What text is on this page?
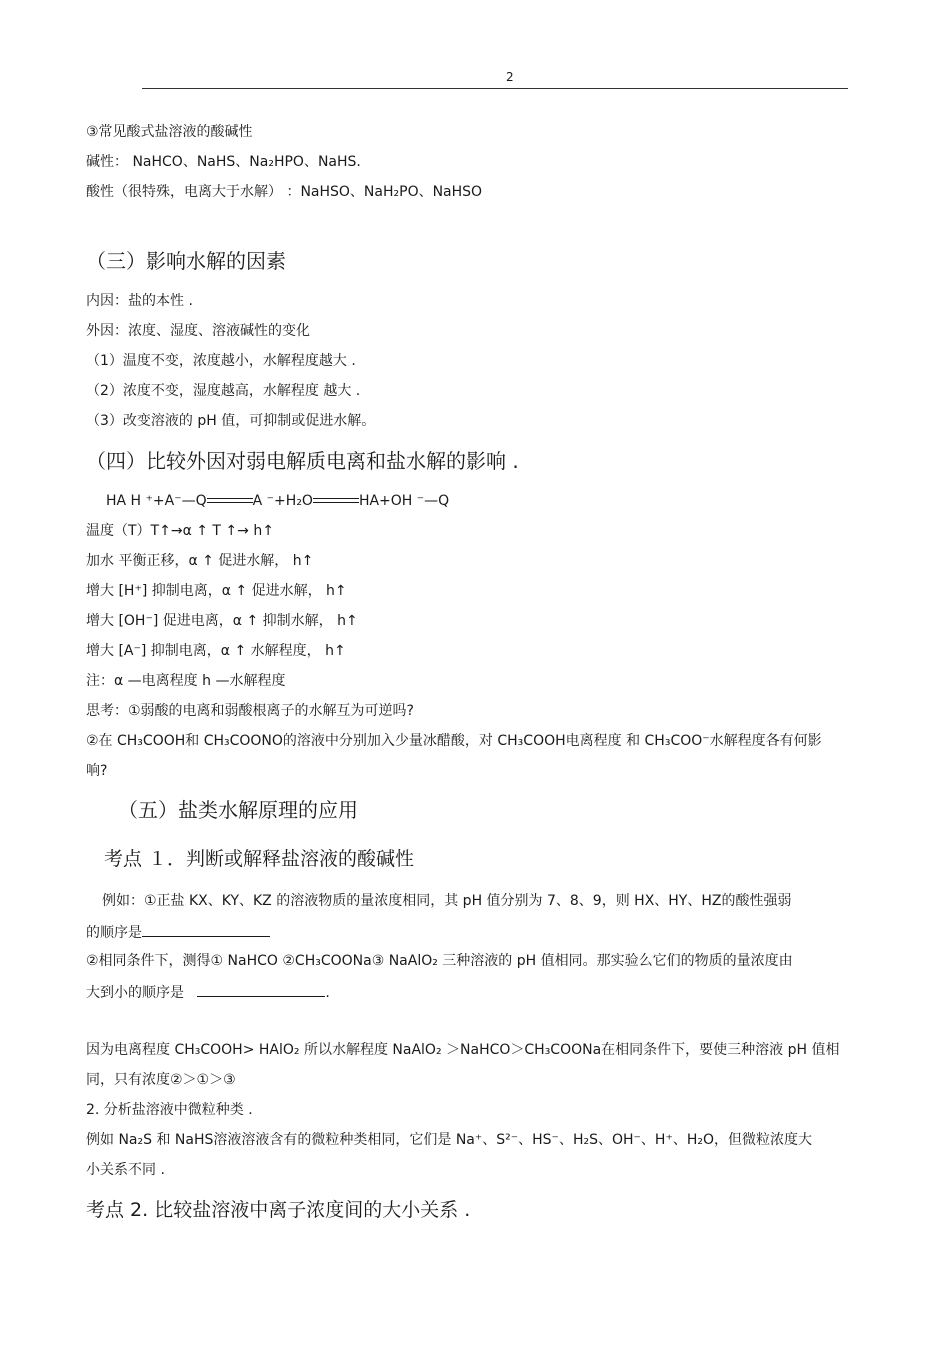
2
③常见酸式盐溶液的酸碱性
碱性： NaHCO、NaHS、Na₂HPO、NaHS.
酸性（很特殊，电离大于水解） ：NaHSO、NaH₂PO、NaHSO
（三）影响水解的因素
内因：盐的本性 .
外因：浓度、湿度、溶液碱性的变化
（1）温度不变，浓度越小，水解程度越大 .
（2）浓度不变，湿度越高，水解程度 越大 .
（3）改变溶液的 pH 值，可抑制或促进水解。
（四）比较外因对弱电解质电离和盐水解的影响 .
HA H ⁺+A⁻—Q	A ⁻+H₂O	HA+OH ⁻—Q
温度（T）T↑→α ↑ T ↑→ h↑
加水 平衡正移，α ↑ 促进水解， h↑
增大 [H⁺] 抑制电离，α ↑ 促进水解， h↑
增大 [OH⁻] 促进电离，α ↑ 抑制水解， h↑
增大 [A⁻] 抑制电离，α ↑ 水解程度， h↑
注：α —电离程度 h —水解程度
思考：①弱酸的电离和弱酸根离子的水解互为可逆吗?
②在 CH₃COOH和 CH₃COONO的溶液中分别加入少量冰醋酸，对 CH₃COOH电离程度 和 CH₃COO⁻水解程度各有何影
响?
（五）盐类水解原理的应用
考点 １．判断或解释盐溶液的酸碱性
例如：①正盐 KX、KY、KZ 的溶液物质的量浓度相同，其 pH 值分别为 7、8、9，则 HX、HY、HZ的酸性强弱
的顺序是
②相同条件下，测得① NaHCO ②CH₃COONa③ NaAlO₂ 三种溶液的 pH 值相同。那实验么它们的物质的量浓度由
大到小的顺序是	.
因为电离程度 CH₃COOH> HAlO₂ 所以水解程度 NaAlO₂ ＞NaHCO＞CH₃COONa在相同条件下，要使三种溶液 pH 值相
同，只有浓度②＞①＞③
2. 分析盐溶液中微粒种类 .
例如 Na₂S 和 NaHS溶液溶液含有的微粒种类相同，它们是 Na⁺、S²⁻、HS⁻、H₂S、OH⁻、H⁺、H₂O，但微粒浓度大
小关系不同 .
考点 2. 比较盐溶液中离子浓度间的大小关系 .
